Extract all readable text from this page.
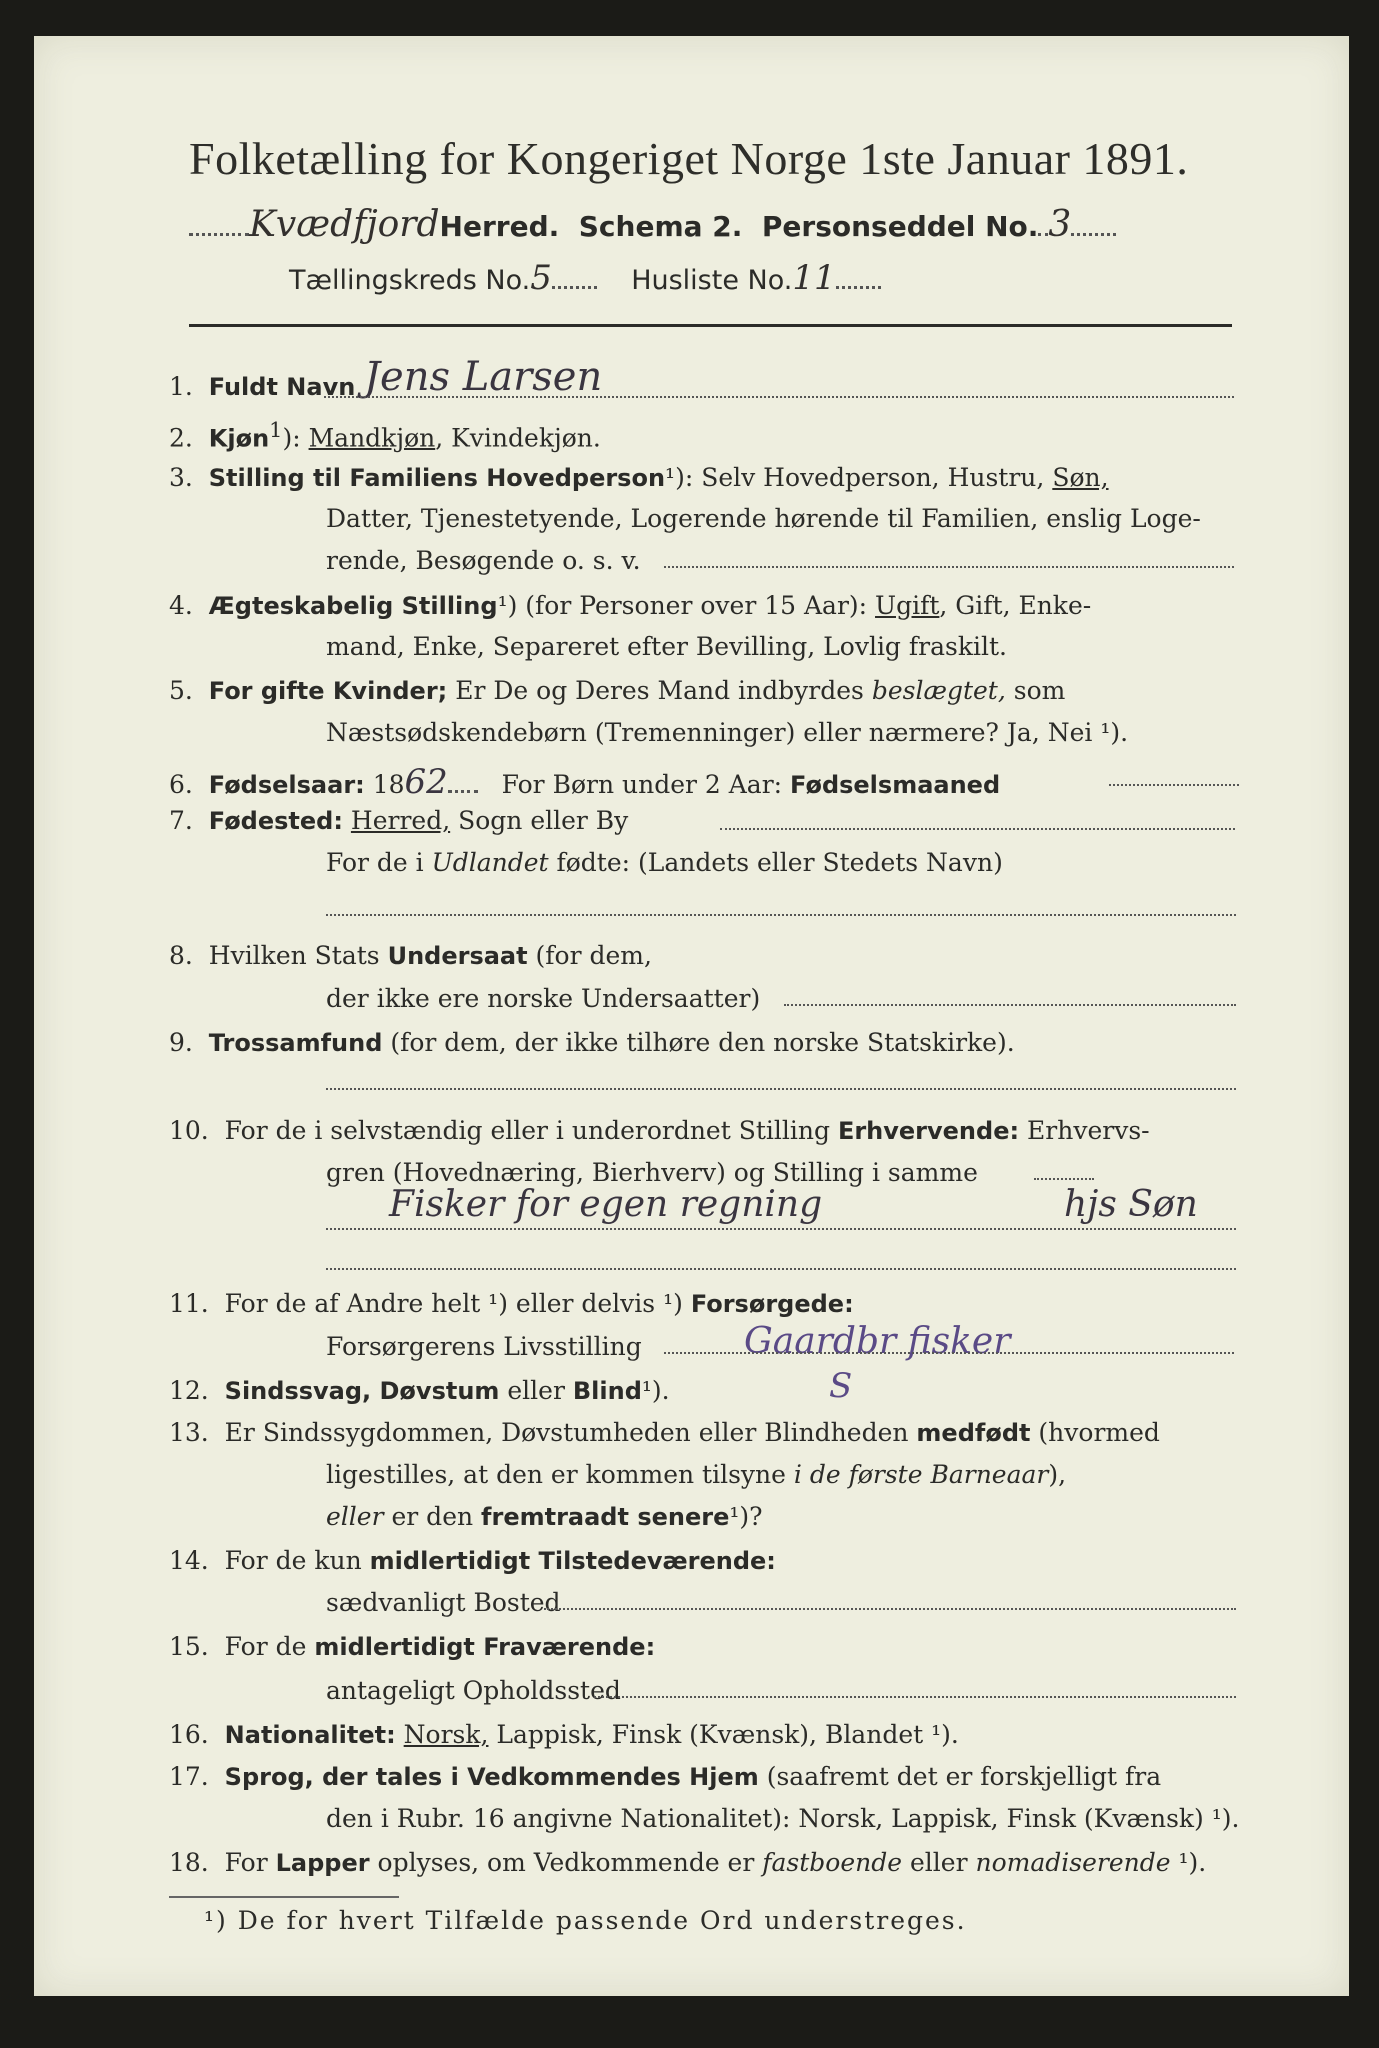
Folketælling for Kongeriget Norge 1ste Januar 1891.
KvædfjordHerred. Schema 2. Personseddel No. 3
Tællingskreds No.5	Husliste No.11
1. Fuldt Navn Jens Larsen
2. Kjøn$^1$): Mandkjøn, Kvindekjøn.
3. Stilling til Familiens Hovedperson¹): Selv Hovedperson, Hustru, Søn,
Datter, Tjenestetyende, Logerende hørende til Familien, enslig Loge-
rende, Besøgende o. s. v.
4. Ægteskabelig Stilling¹) (for Personer over 15 Aar): Ugift, Gift, Enke-
mand, Enke, Separeret efter Bevilling, Lovlig fraskilt.
5. For gifte Kvinder; Er De og Deres Mand indbyrdes beslægtet, som
Næstsødskendebørn (Tremenninger) eller nærmere? Ja, Nei ¹).
6. Fødselsaar: 1862 For Børn under 2 Aar: Fødselsmaaned
7. Fødested: Herred, Sogn eller By
For de i Udlandet fødte: (Landets eller Stedets Navn)
8. Hvilken Stats Undersaat (for dem,
der ikke ere norske Undersaatter)
9. Trossamfund (for dem, der ikke tilhøre den norske Statskirke).
10. For de i selvstændig eller i underordnet Stilling Erhvervende: Erhvervs-
gren (Hovednæring, Bierhverv) og Stilling i samme
Fisker for egen regning	hjs Søn
11. For de af Andre helt ¹) eller delvis ¹) Forsørgede:
Forsørgerens Livsstilling	Gaardbr fisker
12. Sindssvag, Døvstum eller Blind¹).	S
13. Er Sindssygdommen, Døvstumheden eller Blindheden medfødt (hvormed
ligestilles, at den er kommen tilsyne i de første Barneaar),
eller er den fremtraadt senere¹)?
14. For de kun midlertidigt Tilstedeværende:
sædvanligt Bosted
15. For de midlertidigt Fraværende:
antageligt Opholdssted
16. Nationalitet: Norsk, Lappisk, Finsk (Kvænsk), Blandet ¹).
17. Sprog, der tales i Vedkommendes Hjem (saafremt det er forskjelligt fra
den i Rubr. 16 angivne Nationalitet): Norsk, Lappisk, Finsk (Kvænsk) ¹).
18. For Lapper oplyses, om Vedkommende er fastboende eller nomadiserende ¹).
¹) De for hvert Tilfælde passende Ord understreges.
